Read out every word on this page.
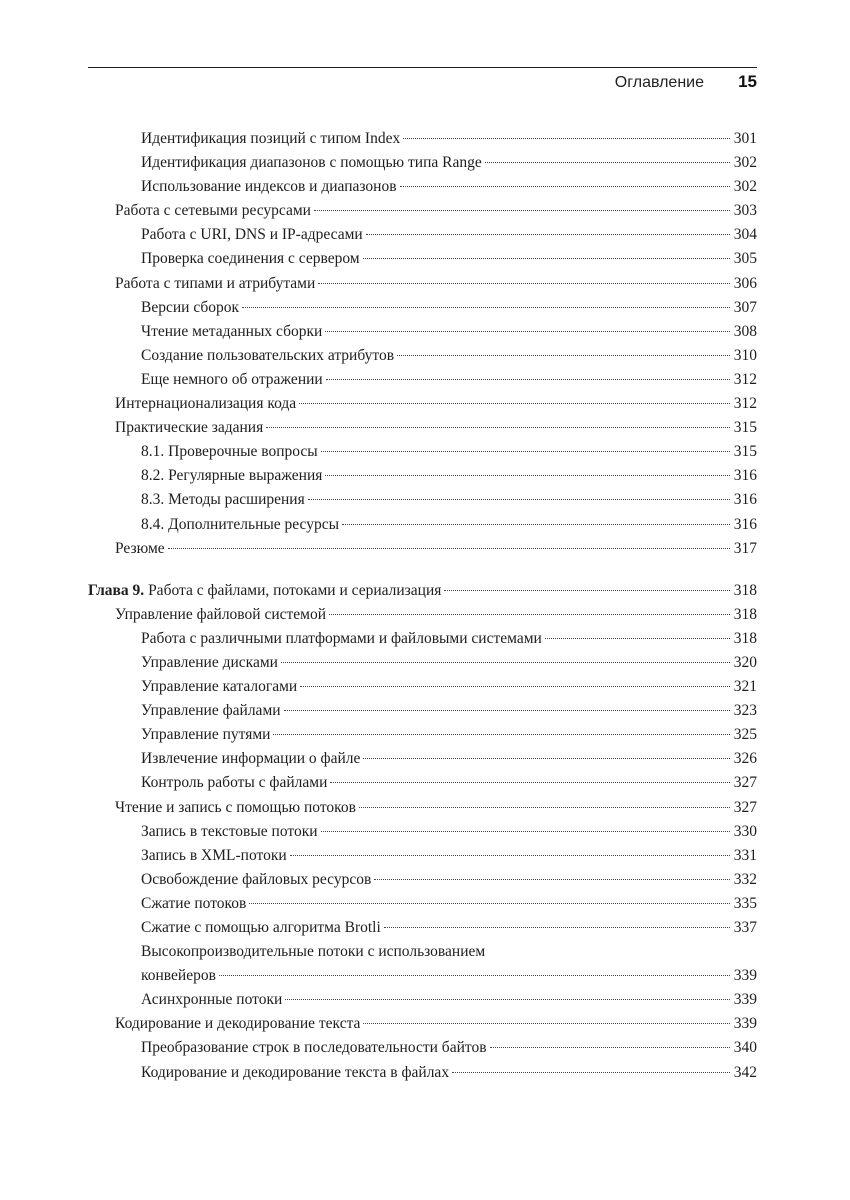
Оглавление 15
Идентификация позиций с типом Index	301
Идентификация диапазонов с помощью типа Range	302
Использование индексов и диапазонов	302
Работа с сетевыми ресурсами	303
Работа с URI, DNS и IP-адресами	304
Проверка соединения с сервером	305
Работа с типами и атрибутами	306
Версии сборок	307
Чтение метаданных сборки	308
Создание пользовательских атрибутов	310
Еще немного об отражении	312
Интернационализация кода	312
Практические задания	315
8.1. Проверочные вопросы	315
8.2. Регулярные выражения	316
8.3. Методы расширения	316
8.4. Дополнительные ресурсы	316
Резюме	317
Глава 9. Работа с файлами, потоками и сериализация	318
Управление файловой системой	318
Работа с различными платформами и файловыми системами	318
Управление дисками	320
Управление каталогами	321
Управление файлами	323
Управление путями	325
Извлечение информации о файле	326
Контроль работы с файлами	327
Чтение и запись с помощью потоков	327
Запись в текстовые потоки	330
Запись в XML-потоки	331
Освобождение файловых ресурсов	332
Сжатие потоков	335
Сжатие с помощью алгоритма Brotli	337
Высокопроизводительные потоки с использованием
конвейеров	339
Асинхронные потоки	339
Кодирование и декодирование текста	339
Преобразование строк в последовательности байтов	340
Кодирование и декодирование текста в файлах	342
